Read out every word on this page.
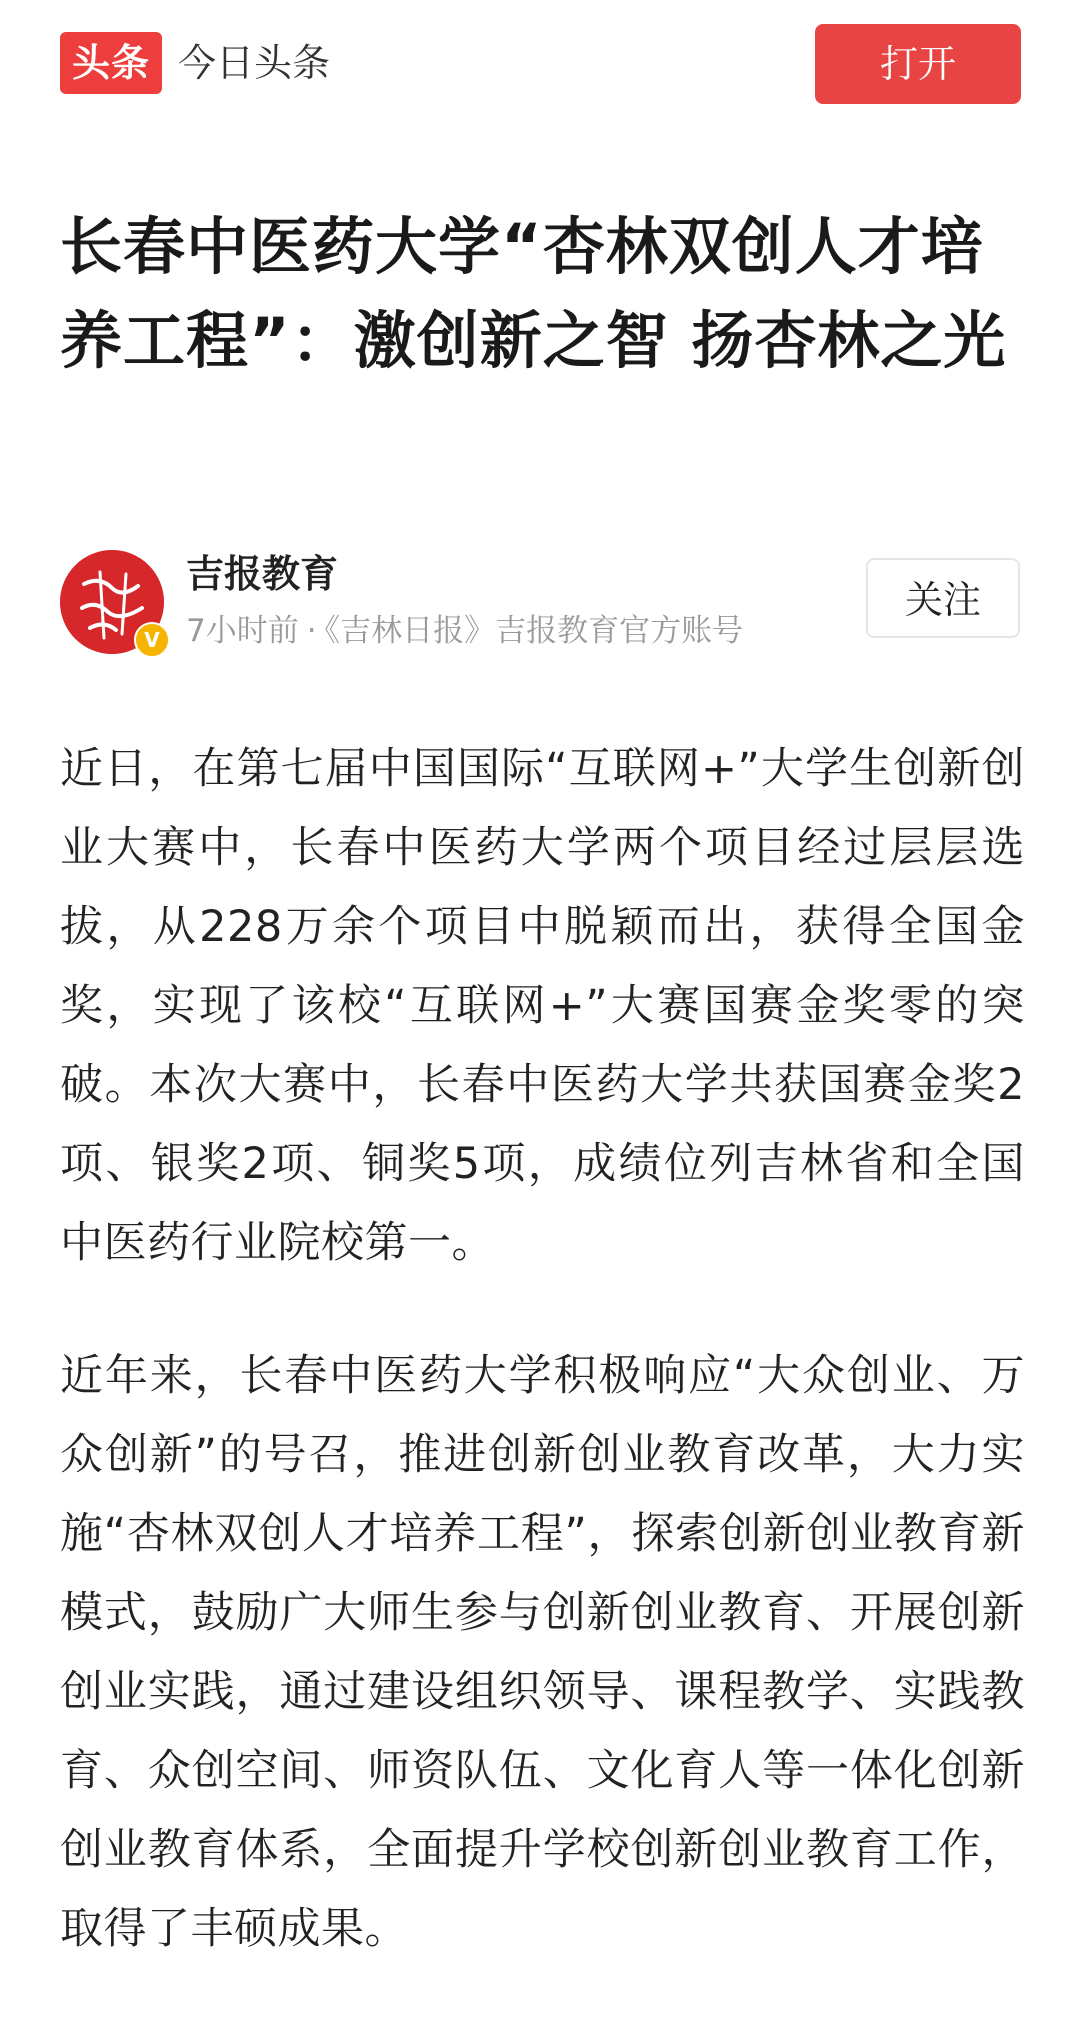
头条 今日头条	打开
长春中医药大学“杏林双创人才培养工程”：激创新之智 扬杏林之光
V
吉报教育
7小时前 · 《吉林日报》吉报教育官方账号
关注

近日，在第七届中国国际“互联网+”大学生创新创业大赛中，长春中医药大学两个项目经过层层选拔，从228万余个项目中脱颖而出，获得全国金奖，实现了该校“互联网+”大赛国赛金奖零的突破。本次大赛中，长春中医药大学共获国赛金奖2项、银奖2项、铜奖5项，成绩位列吉林省和全国中医药行业院校第一。

近年来，长春中医药大学积极响应“大众创业、万众创新”的号召，推进创新创业教育改革，大力实施“杏林双创人才培养工程”，探索创新创业教育新模式，鼓励广大师生参与创新创业教育、开展创新创业实践，通过建设组织领导、课程教学、实践教育、众创空间、师资队伍、文化育人等一体化创新创业教育体系，全面提升学校创新创业教育工作，取得了丰硕成果。
